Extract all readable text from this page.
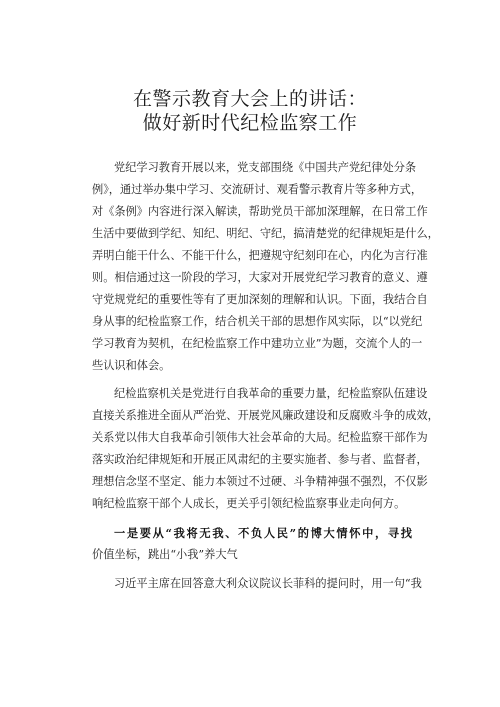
在警示教育大会上的讲话：
做好新时代纪检监察工作
党纪学习教育开展以来，党支部围绕《中国共产党纪律处分条
例》，通过举办集中学习、交流研讨、观看警示教育片等多种方式，
对《条例》内容进行深入解读，帮助党员干部加深理解，在日常工作
生活中要做到学纪、知纪、明纪、守纪，搞清楚党的纪律规矩是什么，
弄明白能干什么、不能干什么，把遵规守纪刻印在心，内化为言行准
则。相信通过这一阶段的学习，大家对开展党纪学习教育的意义、遵
守党规党纪的重要性等有了更加深刻的理解和认识。下面，我结合自
身从事的纪检监察工作，结合机关干部的思想作风实际，以“以党纪
学习教育为契机，在纪检监察工作中建功立业”为题，交流个人的一
些认识和体会。
纪检监察机关是党进行自我革命的重要力量，纪检监察队伍建设
直接关系推进全面从严治党、开展党风廉政建设和反腐败斗争的成效，
关系党以伟大自我革命引领伟大社会革命的大局。纪检监察干部作为
落实政治纪律规矩和开展正风肃纪的主要实施者、参与者、监督者，
理想信念坚不坚定、能力本领过不过硬、斗争精神强不强烈，不仅影
响纪检监察干部个人成长，更关乎引领纪检监察事业走向何方。
一是要从“我将无我、不负人民”的博大情怀中，寻找
价值坐标，跳出“小我”养大气
习近平主席在回答意大利众议院议长菲科的提问时，用一句“我
